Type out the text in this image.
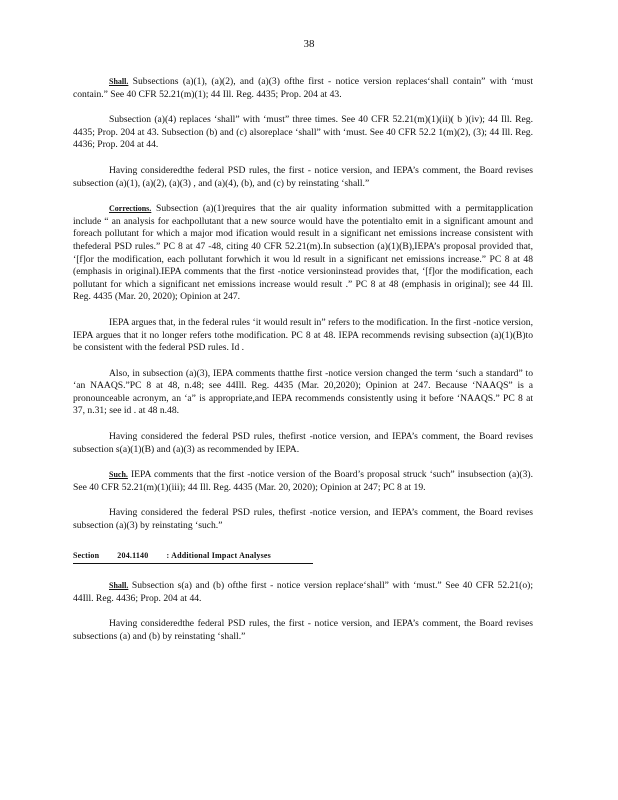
38

Shall. Subsections (a)(1), (a)(2), and (a)(3) ofthe first - notice version replaces‘shall contain” with ‘must contain.” See 40 CFR 52.21(m)(1); 44 Ill. Reg. 4435; Prop. 204 at 43.

Subsection (a)(4) replaces ‘shall” with ‘must” three times. See 40 CFR 52.21(m)(1)(ii)( b )(iv); 44 Ill. Reg. 4435; Prop. 204 at 43. Subsection (b) and (c) alsoreplace ‘shall” with ‘must. See 40 CFR 52.2 1(m)(2), (3); 44 Ill. Reg. 4436; Prop. 204 at 44.

Having consideredthe federal PSD rules, the first - notice version, and IEPA’s comment, the Board revises subsection (a)(1), (a)(2), (a)(3) , and (a)(4), (b), and (c) by reinstating ‘shall.”

Corrections. Subsection (a)(1)requires that the air quality information submitted with a permitapplication include “ an analysis for eachpollutant that a new source would have the potentialto emit in a significant amount and foreach pollutant for which a major mod ification would result in a significant net emissions increase consistent with thefederal PSD rules.” PC 8 at 47 -48, citing 40 CFR 52.21(m).In subsection (a)(1)(B),IEPA’s proposal provided that, ‘[f]or the modification, each pollutant forwhich it wou ld result in a significant net emissions increase.” PC 8 at 48 (emphasis in original).IEPA comments that the first -notice versioninstead provides that, ‘[f]or the modification, each pollutant for which a significant net emissions increase would result .” PC 8 at 48 (emphasis in original); see 44 Ill. Reg. 4435 (Mar. 20, 2020); Opinion at 247.

IEPA argues that, in the federal rules ‘it would result in” refers to the modification. In the first -notice version, IEPA argues that it no longer refers tothe modification. PC 8 at 48. IEPA recommends revising subsection (a)(1)(B)to be consistent with the federal PSD rules. Id .

Also, in subsection (a)(3), IEPA comments thatthe first -notice version changed the term ‘such a standard” to ‘an NAAQS.”PC 8 at 48, n.48; see 44Ill. Reg. 4435 (Mar. 20,2020); Opinion at 247. Because ‘NAAQS” is a pronounceable acronym, an ‘a” is appropriate,and IEPA recommends consistently using it before ‘NAAQS.” PC 8 at 37, n.31; see id . at 48 n.48.

Having considered the federal PSD rules, thefirst -notice version, and IEPA’s comment, the Board revises subsection s(a)(1)(B) and (a)(3) as recommended by IEPA.

Such. IEPA comments that the first -notice version of the Board’s proposal struck ‘such” insubsection (a)(3). See 40 CFR 52.21(m)(1)(iii); 44 Ill. Reg. 4435 (Mar. 20, 2020); Opinion at 247; PC 8 at 19.

Having considered the federal PSD rules, thefirst -notice version, and IEPA’s comment, the Board revises subsection (a)(3) by reinstating ‘such.”

Section 204.1140 : Additional Impact Analyses

Shall. Subsection s(a) and (b) ofthe first - notice version replace‘shall” with ‘must.” See 40 CFR 52.21(o); 44Ill. Reg. 4436; Prop. 204 at 44.

Having consideredthe federal PSD rules, the first - notice version, and IEPA’s comment, the Board revises subsections (a) and (b) by reinstating ‘shall.”
